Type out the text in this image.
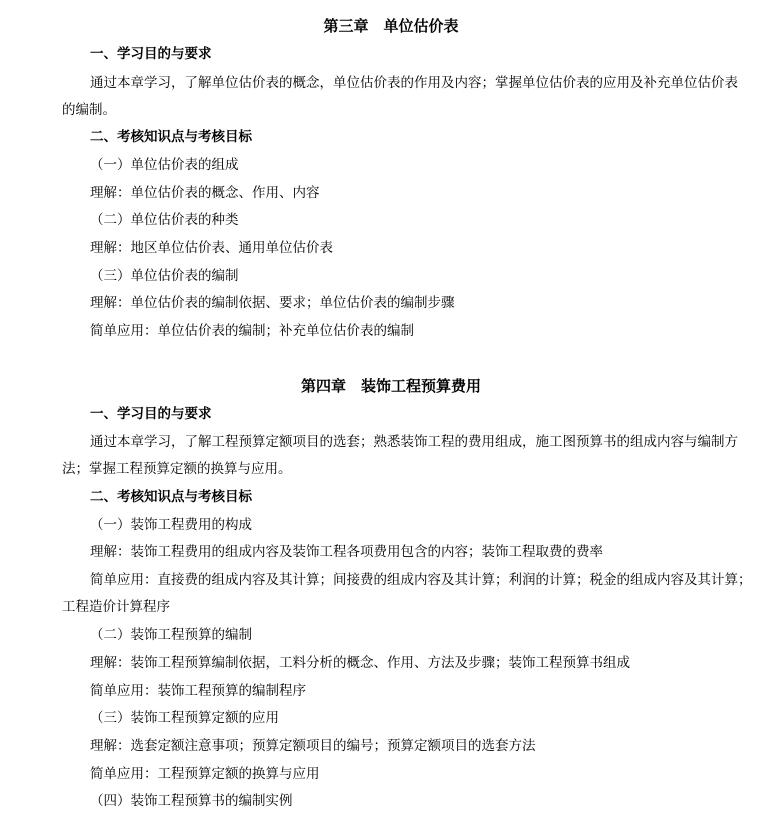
第三章　单位估价表
一、学习目的与要求
通过本章学习，了解单位估价表的概念，单位估价表的作用及内容；掌握单位估价表的应用及补充单位估价表
的编制。
二、考核知识点与考核目标
（一）单位估价表的组成
理解：单位估价表的概念、作用、内容
（二）单位估价表的种类
理解：地区单位估价表、通用单位估价表
（三）单位估价表的编制
理解：单位估价表的编制依据、要求；单位估价表的编制步骤
简单应用：单位估价表的编制；补充单位估价表的编制
第四章　装饰工程预算费用
一、学习目的与要求
通过本章学习，了解工程预算定额项目的选套；熟悉装饰工程的费用组成，施工图预算书的组成内容与编制方
法；掌握工程预算定额的换算与应用。
二、考核知识点与考核目标
（一）装饰工程费用的构成
理解：装饰工程费用的组成内容及装饰工程各项费用包含的内容；装饰工程取费的费率
简单应用：直接费的组成内容及其计算；间接费的组成内容及其计算；利润的计算；税金的组成内容及其计算；
工程造价计算程序
（二）装饰工程预算的编制
理解：装饰工程预算编制依据，工料分析的概念、作用、方法及步骤；装饰工程预算书组成
简单应用：装饰工程预算的编制程序
（三）装饰工程预算定额的应用
理解：选套定额注意事项；预算定额项目的编号；预算定额项目的选套方法
简单应用：工程预算定额的换算与应用
（四）装饰工程预算书的编制实例
